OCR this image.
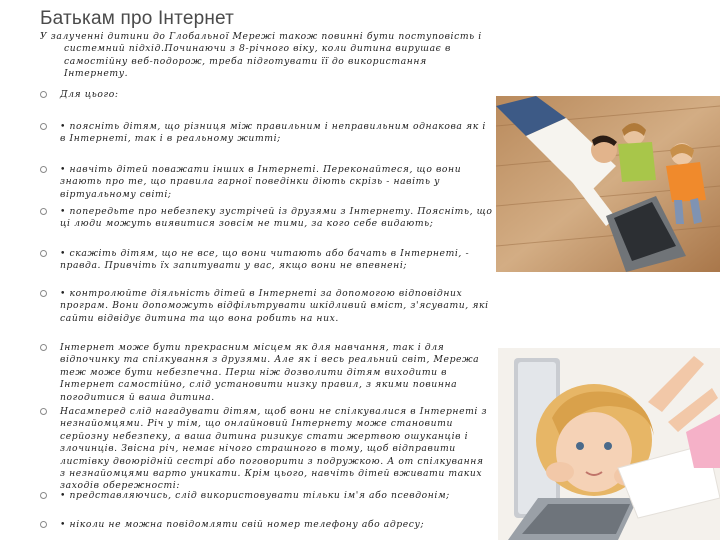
Батькам про Інтернет
У залученні дитини до Глобальної Мережі також повинні бути поступовість і
системний підхід.Починаючи з 8-річного віку, коли дитина вирушає в
самостійну веб-подорож, треба підготувати її до використання Інтернету.
Для цього:
• поясніть дітям, що різниця між правильним і неправильним однакова як і в Інтернеті, так і в реальному житті;
• навчіть дітей поважати інших в Інтернеті. Переконайтеся, що вони знають про те, що правила гарної поведінки діють скрізь - навіть у віртуальному світі;
• попередьте про небезпеку зустрічей із друзями з Інтернету. Поясніть, що ці люди можуть виявитися зовсім не тими, за кого себе видають;
• скажіть дітям, що не все, що вони читають або бачать в Інтернеті, - правда. Привчіть їх запитувати у вас, якщо вони не впевнені;
• контролюйте діяльність дітей в Інтернеті за допомогою відповідних програм. Вони допоможуть відфільтрувати шкідливий вміст, з'ясувати, які сайти відвідує дитина та що вона робить на них.
Інтернет може бути прекрасним місцем як для навчання, так і для відпочинку та спілкування з друзями. Але як і весь реальний світ, Мережа теж може бути небезпечна. Перш ніж дозволити дітям виходити в Інтернет самостійно, слід установити низку правил, з якими повинна погодитися й ваша дитина.
Насамперед слід нагадувати дітям, щоб вони не спілкувалися в Інтернеті з незнайомцями. Річ у тім, що онлайновий Інтернету може становити серйозну небезпеку, а ваша дитина ризикує стати жертвою ошуканців і злочинців. Звісна річ, немає нічого страшного в тому, щоб відправити листівку двоюрідній сестрі або поговорити з подружкою. А от спілкування з незнайомцями варто уникати. Крім цього, навчіть дітей вживати таких заходів обережності:
• представляючись, слід використовувати тільки ім'я або псевдонім;
• ніколи не можна повідомляти свій номер телефону або адресу;
